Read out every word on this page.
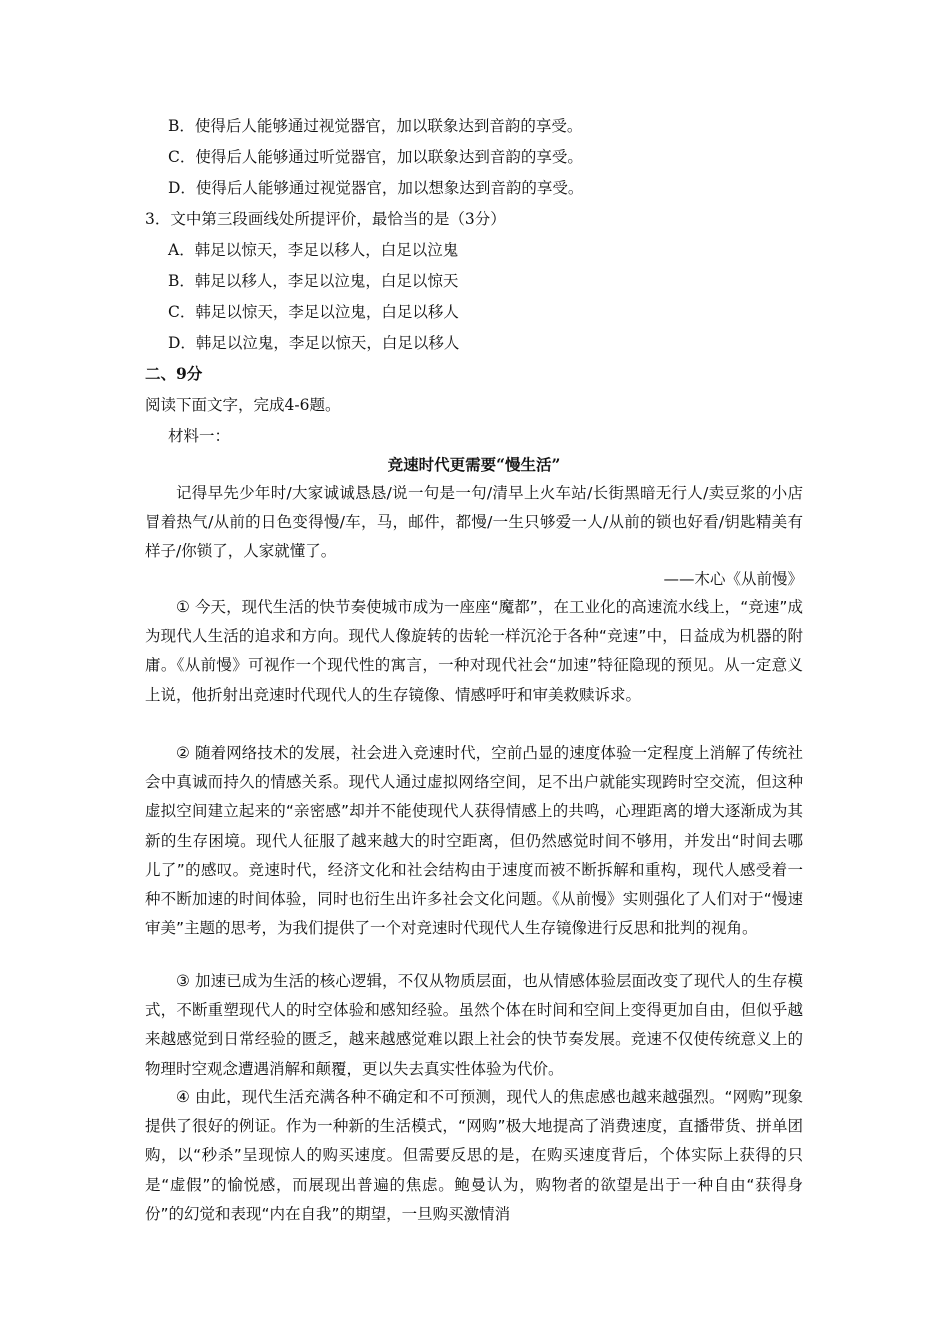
B．使得后人能够通过视觉器官，加以联象达到音韵的享受。
C．使得后人能够通过听觉器官，加以联象达到音韵的享受。
D．使得后人能够通过视觉器官，加以想象达到音韵的享受。
3．文中第三段画线处所提评价，最恰当的是（3分）
A．韩足以惊天，李足以移人，白足以泣鬼
B．韩足以移人，李足以泣鬼，白足以惊天
C．韩足以惊天，李足以泣鬼，白足以移人
D．韩足以泣鬼，李足以惊天，白足以移人
二、9分
阅读下面文字，完成4-6题。
材料一：
竞速时代更需要“慢生活”
记得早先少年时/大家诚诚恳恳/说一句是一句/清早上火车站/长街黑暗无行人/卖豆浆的小店冒着热气/从前的日色变得慢/车，马，邮件，都慢/一生只够爱一人/从前的锁也好看/钥匙精美有样子/你锁了，人家就懂了。
——木心《从前慢》
① 今天，现代生活的快节奏使城市成为一座座“魔都”，在工业化的高速流水线上，“竞速”成为现代人生活的追求和方向。现代人像旋转的齿轮一样沉沦于各种“竞速”中，日益成为机器的附庸。《从前慢》可视作一个现代性的寓言，一种对现代社会“加速”特征隐现的预见。从一定意义上说，他折射出竞速时代现代人的生存镜像、情感呼吁和审美救赎诉求。
② 随着网络技术的发展，社会进入竞速时代，空前凸显的速度体验一定程度上消解了传统社会中真诚而持久的情感关系。现代人通过虚拟网络空间，足不出户就能实现跨时空交流，但这种虚拟空间建立起来的“亲密感”却并不能使现代人获得情感上的共鸣，心理距离的增大逐渐成为其新的生存困境。现代人征服了越来越大的时空距离，但仍然感觉时间不够用，并发出“时间去哪儿了”的感叹。竞速时代，经济文化和社会结构由于速度而被不断拆解和重构，现代人感受着一种不断加速的时间体验，同时也衍生出许多社会文化问题。《从前慢》实则强化了人们对于“慢速审美”主题的思考，为我们提供了一个对竞速时代现代人生存镜像进行反思和批判的视角。
③ 加速已成为生活的核心逻辑，不仅从物质层面，也从情感体验层面改变了现代人的生存模式，不断重塑现代人的时空体验和感知经验。虽然个体在时间和空间上变得更加自由，但似乎越来越感觉到日常经验的匮乏，越来越感觉难以跟上社会的快节奏发展。竞速不仅使传统意义上的物理时空观念遭遇消解和颠覆，更以失去真实性体验为代价。
④ 由此，现代生活充满各种不确定和不可预测，现代人的焦虑感也越来越强烈。“网购”现象提供了很好的例证。作为一种新的生活模式，“网购”极大地提高了消费速度，直播带货、拼单团购，以“秒杀”呈现惊人的购买速度。但需要反思的是，在购买速度背后，个体实际上获得的只是“虚假”的愉悦感，而展现出普遍的焦虑。鲍曼认为，购物者的欲望是出于一种自由“获得身份”的幻觉和表现“内在自我”的期望，一旦购买激情消
